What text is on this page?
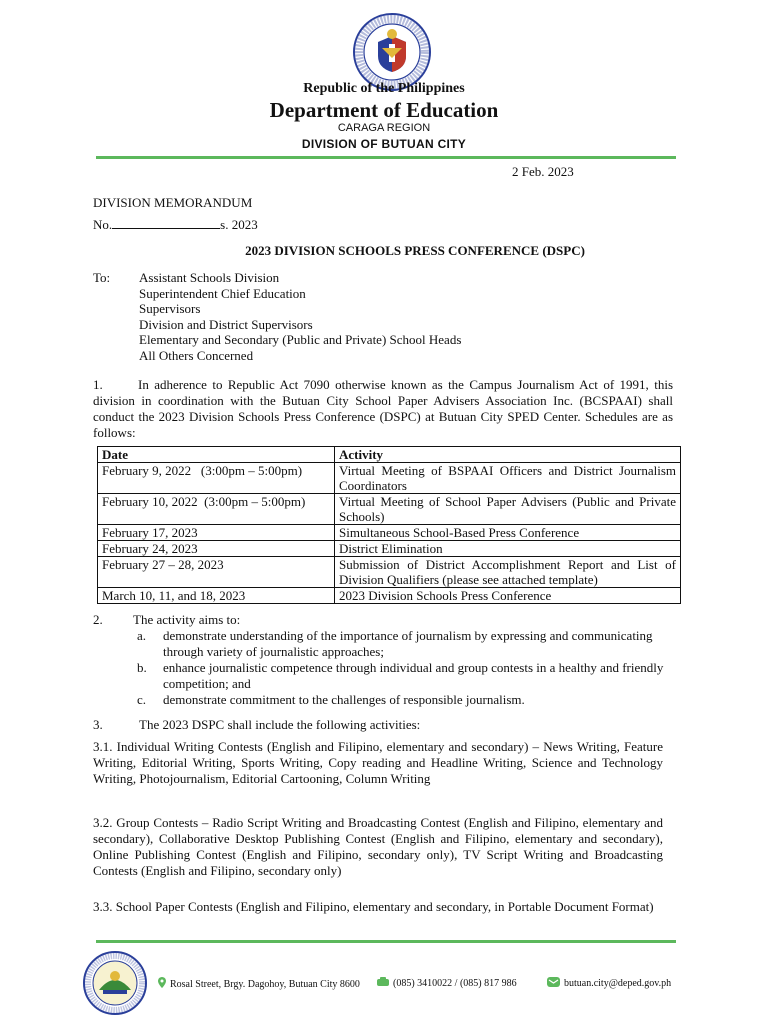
Republic of the Philippines
Department of Education
CARAGA REGION
DIVISION OF BUTUAN CITY
2 Feb. 2023
DIVISION MEMORANDUM
No.	s. 2023
2023 DIVISION SCHOOLS PRESS CONFERENCE (DSPC)
To: Assistant Schools Division
Superintendent Chief Education
Supervisors
Division and District Supervisors
Elementary and Secondary (Public and Private) School Heads
All Others Concerned
1.	In adherence to Republic Act 7090 otherwise known as the Campus Journalism Act of 1991, this division in coordination with the Butuan City School Paper Advisers Association Inc. (BCSPAAI) shall conduct the 2023 Division Schools Press Conference (DSPC) at Butuan City SPED Center. Schedules are as follows:
Date	Activity
February 9, 2022   (3:00pm – 5:00pm)	Virtual Meeting of BSPAAI Officers and District Journalism Coordinators
February 10, 2022  (3:00pm – 5:00pm)	Virtual Meeting of School Paper Advisers (Public and Private Schools)
February 17, 2023	Simultaneous School-Based Press Conference
February 24, 2023	District Elimination
February 27 – 28, 2023	Submission of District Accomplishment Report and List of Division Qualifiers (please see attached template)
March 10, 11, and 18, 2023	2023 Division Schools Press Conference
2. The activity aims to:
a. demonstrate understanding of the importance of journalism by expressing and communicating through variety of journalistic approaches;
b. enhance journalistic competence through individual and group contests in a healthy and friendly competition; and
c. demonstrate commitment to the challenges of responsible journalism.
3.	The 2023 DSPC shall include the following activities:
3.1. Individual Writing Contests (English and Filipino, elementary and secondary) – News Writing, Feature Writing, Editorial Writing, Sports Writing, Copy reading and Headline Writing, Science and Technology Writing, Photojournalism, Editorial Cartooning, Column Writing
3.2. Group Contests – Radio Script Writing and Broadcasting Contest (English and Filipino, elementary and secondary), Collaborative Desktop Publishing Contest (English and Filipino, elementary and secondary), Online Publishing Contest (English and Filipino, secondary only), TV Script Writing and Broadcasting Contests (English and Filipino, secondary only)
3.3. School Paper Contests (English and Filipino, elementary and secondary, in Portable Document Format)
Rosal Street, Brgy. Dagohoy, Butuan City 8600	(085) 3410022 / (085) 817 986	butuan.city@deped.gov.ph
